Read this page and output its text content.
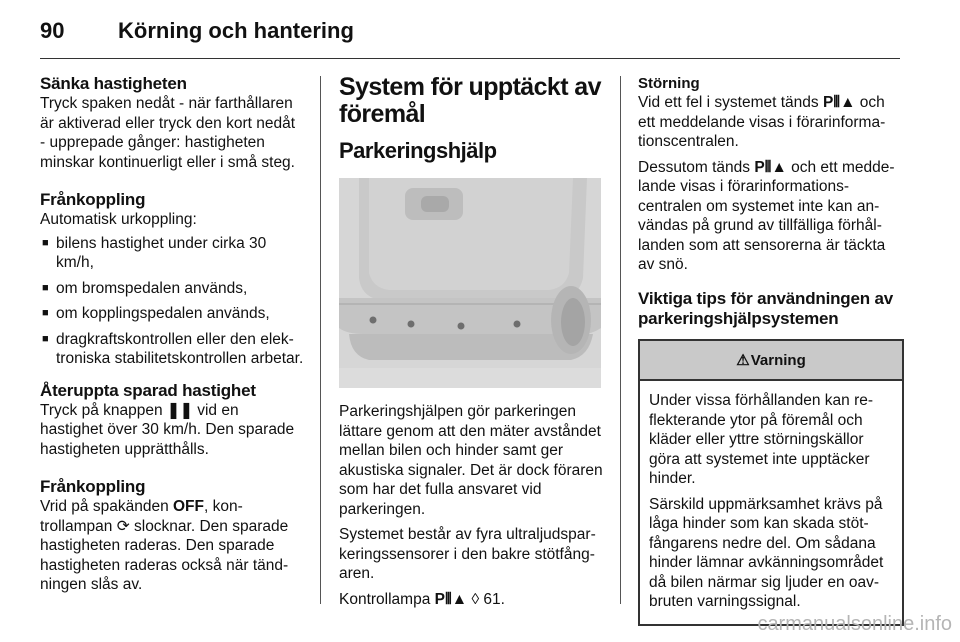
90 Körning och hantering
Sänka hastigheten

Tryck spaken nedåt - när farthållaren är aktiverad eller tryck den kort nedåt - upprepade gånger: hastigheten minskar kontinuerligt eller i små steg.

Frånkoppling

Automatisk urkoppling:

■ bilens hastighet under cirka 30 km/h,
■ om bromspedalen används,
■ om kopplingspedalen används,
■ dragkraftskontrollen eller den elektroniska stabilitetskontrollen arbetar.
Återuppta sparad hastighet

Tryck på knappen ❚❚ vid en hastighet över 30 km/h. Den sparade hastigheten upprätthålls.

Frånkoppling

Vrid på spakänden OFF, kontrollampan ⟳ slocknar. Den sparade hastigheten raderas. Den sparade hastigheten raderas också när tändningen slås av.

System för upptäckt av föremål
Parkeringshjälp

Parkeringshjälpen gör parkeringen lättare genom att den mäter avståndet mellan bilen och hinder samt ger akustiska signaler. Det är dock föraren som har det fulla ansvaret vid parkeringen.

Systemet består av fyra ultraljudsparkeringssensorer i den bakre stötfångaren.

Kontrollampa P⦀▲ ◊ 61.

Störning

Vid ett fel i systemet tänds P⦀▲ och ett meddelande visas i förarinformationscentralen.

Dessutom tänds P⦀▲ och ett meddelande visas i förarinformationscentralen om systemet inte kan användas på grund av tillfälliga förhållanden som att sensorerna är täckta av snö.

Viktiga tips för användningen av parkeringshjälpsystemen
⚠Varning

Under vissa förhållanden kan reflekterande ytor på föremål och kläder eller yttre störningskällor göra att systemet inte upptäcker hinder.

Särskild uppmärksamhet krävs på låga hinder som kan skada stötfångarens nedre del. Om sådana hinder lämnar avkänningsområdet då bilen närmar sig ljuder en oavbruten varningssignal.

carmanualsonline.info
